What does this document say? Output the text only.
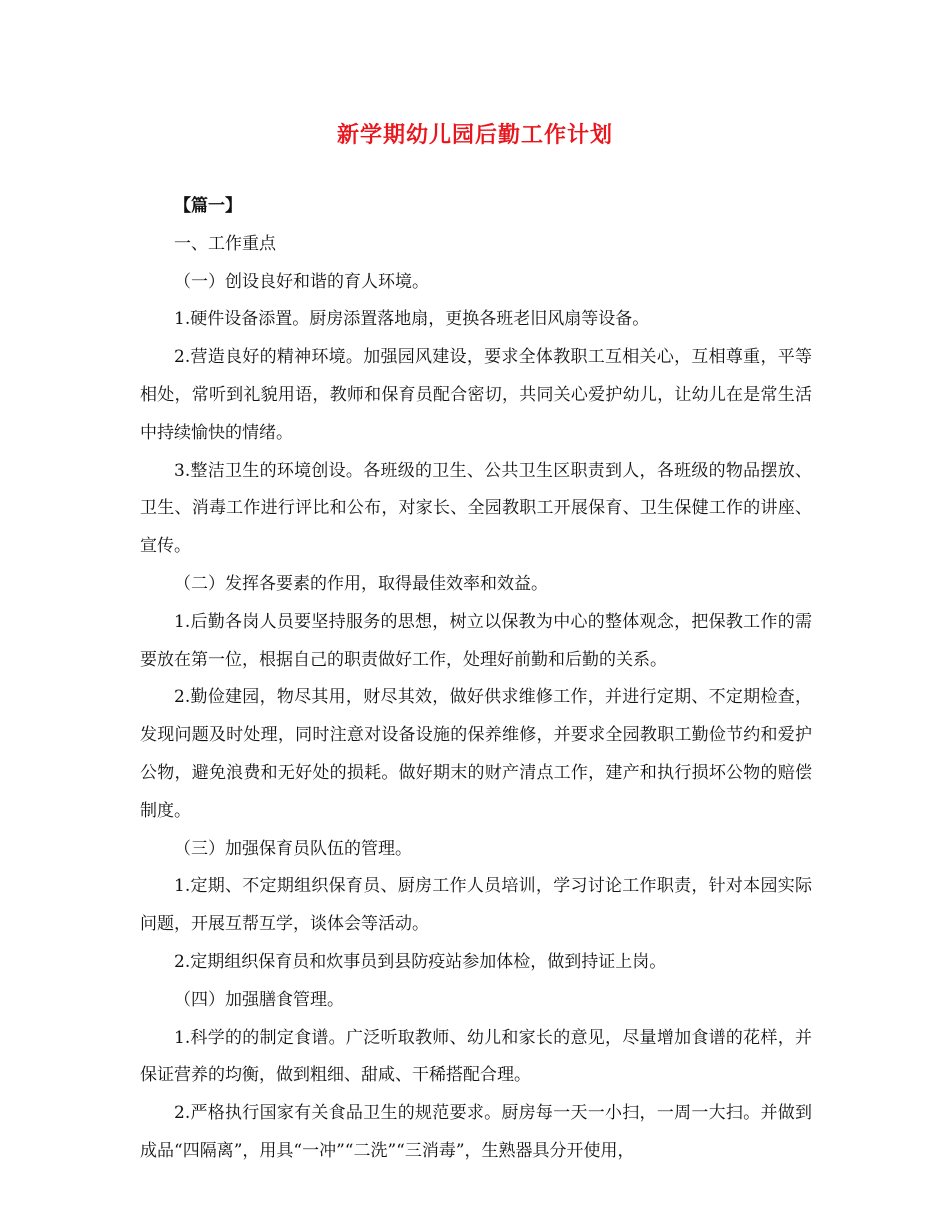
新学期幼儿园后勤工作计划

【篇一】

一、工作重点

（一）创设良好和谐的育人环境。

1.硬件设备添置。厨房添置落地扇，更换各班老旧风扇等设备。

2.营造良好的精神环境。加强园风建设，要求全体教职工互相关心，互相尊重，平等相处，常听到礼貌用语，教师和保育员配合密切，共同关心爱护幼儿，让幼儿在是常生活中持续愉快的情绪。

3.整洁卫生的环境创设。各班级的卫生、公共卫生区职责到人，各班级的物品摆放、卫生、消毒工作进行评比和公布，对家长、全园教职工开展保育、卫生保健工作的讲座、宣传。

（二）发挥各要素的作用，取得最佳效率和效益。

1.后勤各岗人员要坚持服务的思想，树立以保教为中心的整体观念，把保教工作的需要放在第一位，根据自己的职责做好工作，处理好前勤和后勤的关系。

2.勤俭建园，物尽其用，财尽其效，做好供求维修工作，并进行定期、不定期检查，发现问题及时处理，同时注意对设备设施的保养维修，并要求全园教职工勤俭节约和爱护公物，避免浪费和无好处的损耗。做好期末的财产清点工作，建产和执行损坏公物的赔偿制度。

（三）加强保育员队伍的管理。

1.定期、不定期组织保育员、厨房工作人员培训，学习讨论工作职责，针对本园实际问题，开展互帮互学，谈体会等活动。

2.定期组织保育员和炊事员到县防疫站参加体检，做到持证上岗。

（四）加强膳食管理。

1.科学的的制定食谱。广泛听取教师、幼儿和家长的意见，尽量增加食谱的花样，并保证营养的均衡，做到粗细、甜咸、干稀搭配合理。

2.严格执行国家有关食品卫生的规范要求。厨房每一天一小扫，一周一大扫。并做到成品“四隔离”，用具“一冲”“二洗”“三消毒”，生熟器具分开使用，
